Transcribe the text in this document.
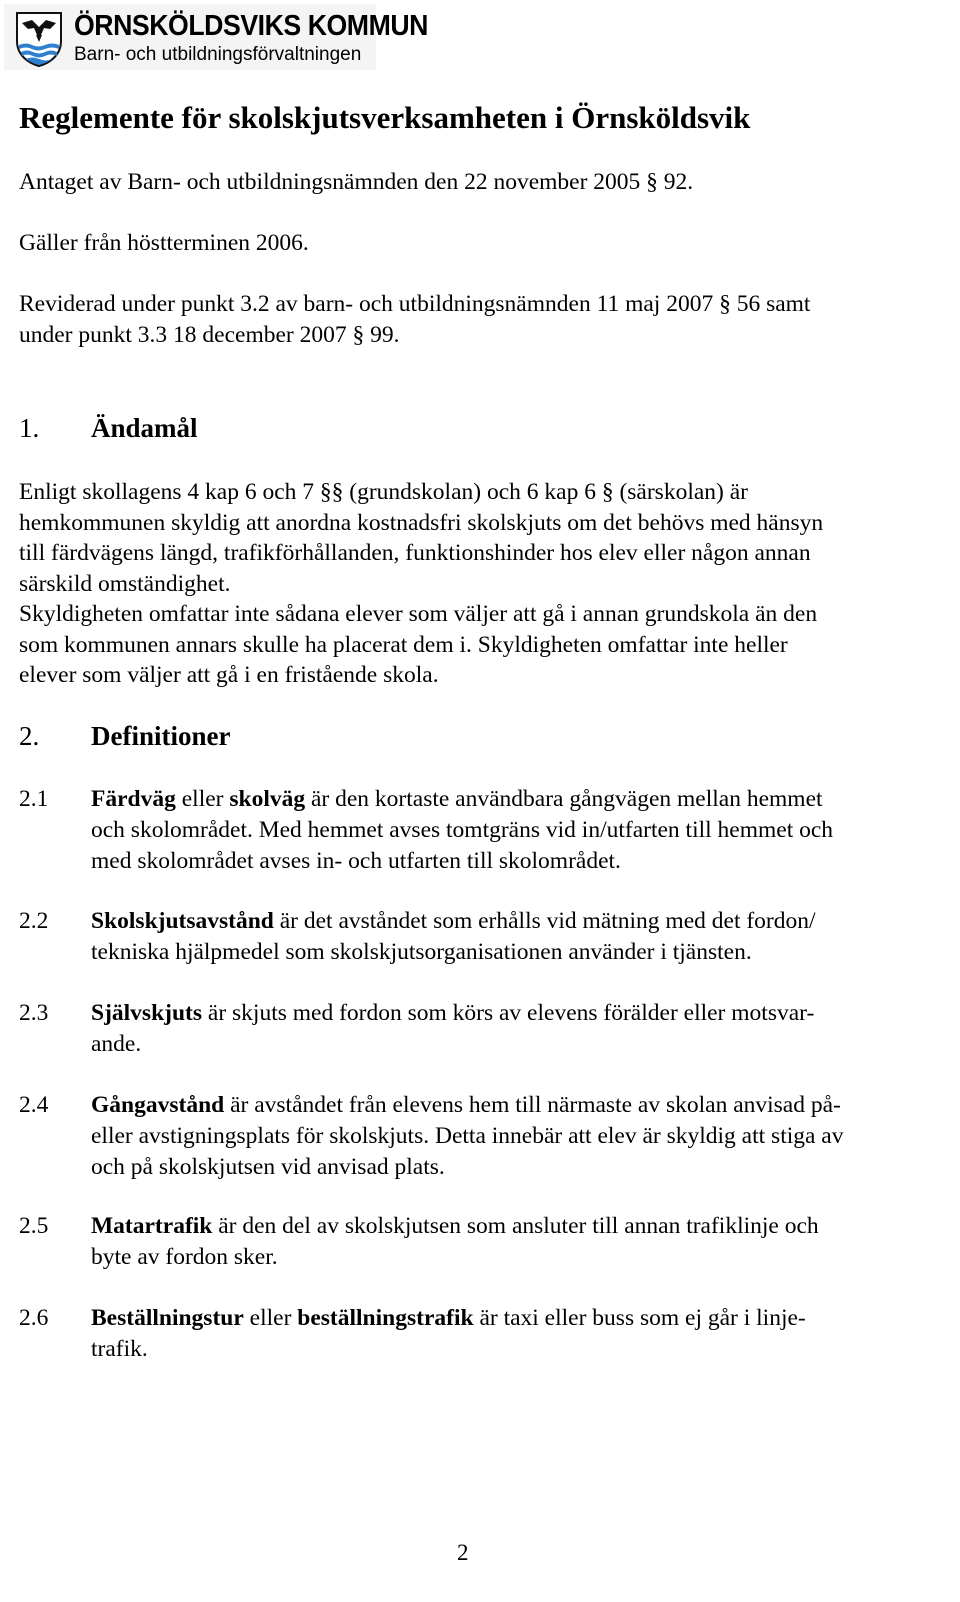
ÖRNSKÖLDSVIKS KOMMUN
Barn- och utbildningsförvaltningen
Reglemente för skolskjutsverksamheten i Örnsköldsvik
Antaget av Barn- och utbildningsnämnden den 22 november 2005 § 92.
Gäller från höstterminen 2006.
Reviderad under punkt 3.2 av barn- och utbildningsnämnden 11 maj 2007 § 56 samt
under punkt 3.3 18 december 2007 § 99.
1. Ändamål
Enligt skollagens 4 kap 6 och 7 §§ (grundskolan) och 6 kap 6 § (särskolan) är
hemkommunen skyldig att anordna kostnadsfri skolskjuts om det behövs med hänsyn
till färdvägens längd, trafikförhållanden, funktionshinder hos elev eller någon annan
särskild omständighet.
Skyldigheten omfattar inte sådana elever som väljer att gå i annan grundskola än den
som kommunen annars skulle ha placerat dem i. Skyldigheten omfattar inte heller
elever som väljer att gå i en fristående skola.
2. Definitioner
2.1 Färdväg eller skolväg är den kortaste användbara gångvägen mellan hemmet
och skolområdet. Med hemmet avses tomtgräns vid in/utfarten till hemmet och
med skolområdet avses in- och utfarten till skolområdet.
2.2 Skolskjutsavstånd är det avståndet som erhålls vid mätning med det fordon/
tekniska hjälpmedel som skolskjutsorganisationen använder i tjänsten.
2.3 Självskjuts är skjuts med fordon som körs av elevens förälder eller motsvar-
ande.
2.4 Gångavstånd är avståndet från elevens hem till närmaste av skolan anvisad på-
eller avstigningsplats för skolskjuts. Detta innebär att elev är skyldig att stiga av
och på skolskjutsen vid anvisad plats.
2.5 Matartrafik är den del av skolskjutsen som ansluter till annan trafiklinje och
byte av fordon sker.
2.6 Beställningstur eller beställningstrafik är taxi eller buss som ej går i linje-
trafik.
2
